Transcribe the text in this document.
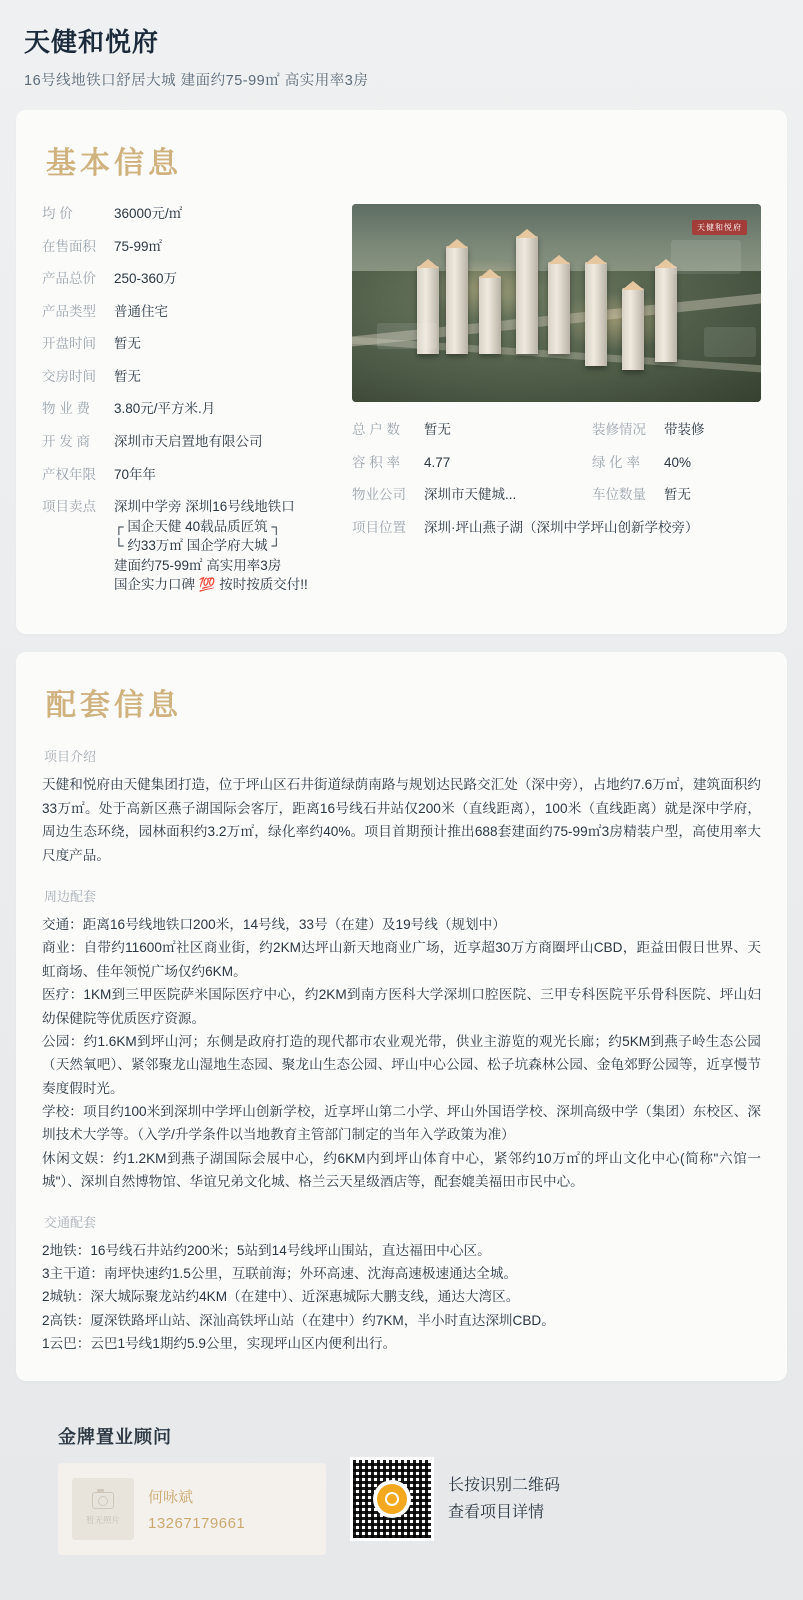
天健和悦府
16号线地铁口舒居大城 建面约75-99㎡ 高实用率3房
基本信息
均 价	36000元/㎡
在售面积	75-99㎡
产品总价	250-360万
产品类型	普通住宅
开盘时间	暂无
交房时间	暂无
物 业 费	3.80元/平方米.月
开 发 商	深圳市天启置地有限公司
产权年限	70年年
项目卖点	深圳中学旁 深圳16号线地铁口
┌ 国企天健 40载品质匠筑 ┐
└ 约33万㎡ 国企学府大城 ┘
建面约75-99㎡ 高实用率3房
国企实力口碑 💯 按时按质交付!!
天健和悦府
总 户 数	暂无	装修情况	带装修
容 积 率	4.77	绿 化 率	40%
物业公司	深圳市天健城...	车位数量	暂无
项目位置	深圳·坪山燕子湖（深圳中学坪山创新学校旁）
配套信息
项目介绍

天健和悦府由天健集团打造，位于坪山区石井街道绿荫南路与规划达民路交汇处（深中旁），占地约7.6万㎡，建筑面积约33万㎡。处于高新区燕子湖国际会客厅，距离16号线石井站仅200米（直线距离），100米（直线距离）就是深中学府，周边生态环绕，园林面积约3.2万㎡，绿化率约40%。项目首期预计推出688套建面约75-99㎡3房精装户型，高使用率大尺度产品。

周边配套
交通：距离16号线地铁口200米，14号线，33号（在建）及19号线（规划中）
商业：自带约11600㎡社区商业街，约2KM达坪山新天地商业广场，近享超30万方商圈坪山CBD，距益田假日世界、天虹商场、佳年领悦广场仅约6KM。
医疗：1KM到三甲医院萨米国际医疗中心，约2KM到南方医科大学深圳口腔医院、三甲专科医院平乐骨科医院、坪山妇幼保健院等优质医疗资源。
公园：约1.6KM到坪山河；东侧是政府打造的现代都市农业观光带，供业主游览的观光长廊；约5KM到燕子岭生态公园（天然氧吧）、紧邻聚龙山湿地生态园、聚龙山生态公园、坪山中心公园、松子坑森林公园、金龟郊野公园等，近享慢节奏度假时光。
学校：项目约100米到深圳中学坪山创新学校，近享坪山第二小学、坪山外国语学校、深圳高级中学（集团）东校区、深圳技术大学等。（入学/升学条件以当地教育主管部门制定的当年入学政策为准）
休闲文娱：约1.2KM到燕子湖国际会展中心，约6KM内到坪山体育中心，紧邻约10万㎡的坪山文化中心(简称"六馆一城"）、深圳自然博物馆、华谊兄弟文化城、格兰云天星级酒店等，配套媲美福田市民中心。
交通配套
2地铁：16号线石井站约200米；5站到14号线坪山围站，直达福田中心区。
3主干道：南坪快速约1.5公里，互联前海；外环高速、沈海高速极速通达全城。
2城轨：深大城际聚龙站约4KM（在建中）、近深惠城际大鹏支线，通达大湾区。
2高铁：厦深铁路坪山站、深汕高铁坪山站（在建中）约7KM，半小时直达深圳CBD。
1云巴：云巴1号线1期约5.9公里，实现坪山区内便利出行。
金牌置业顾问
暂无照片
何咏斌
13267179661
长按识别二维码
查看项目详情
